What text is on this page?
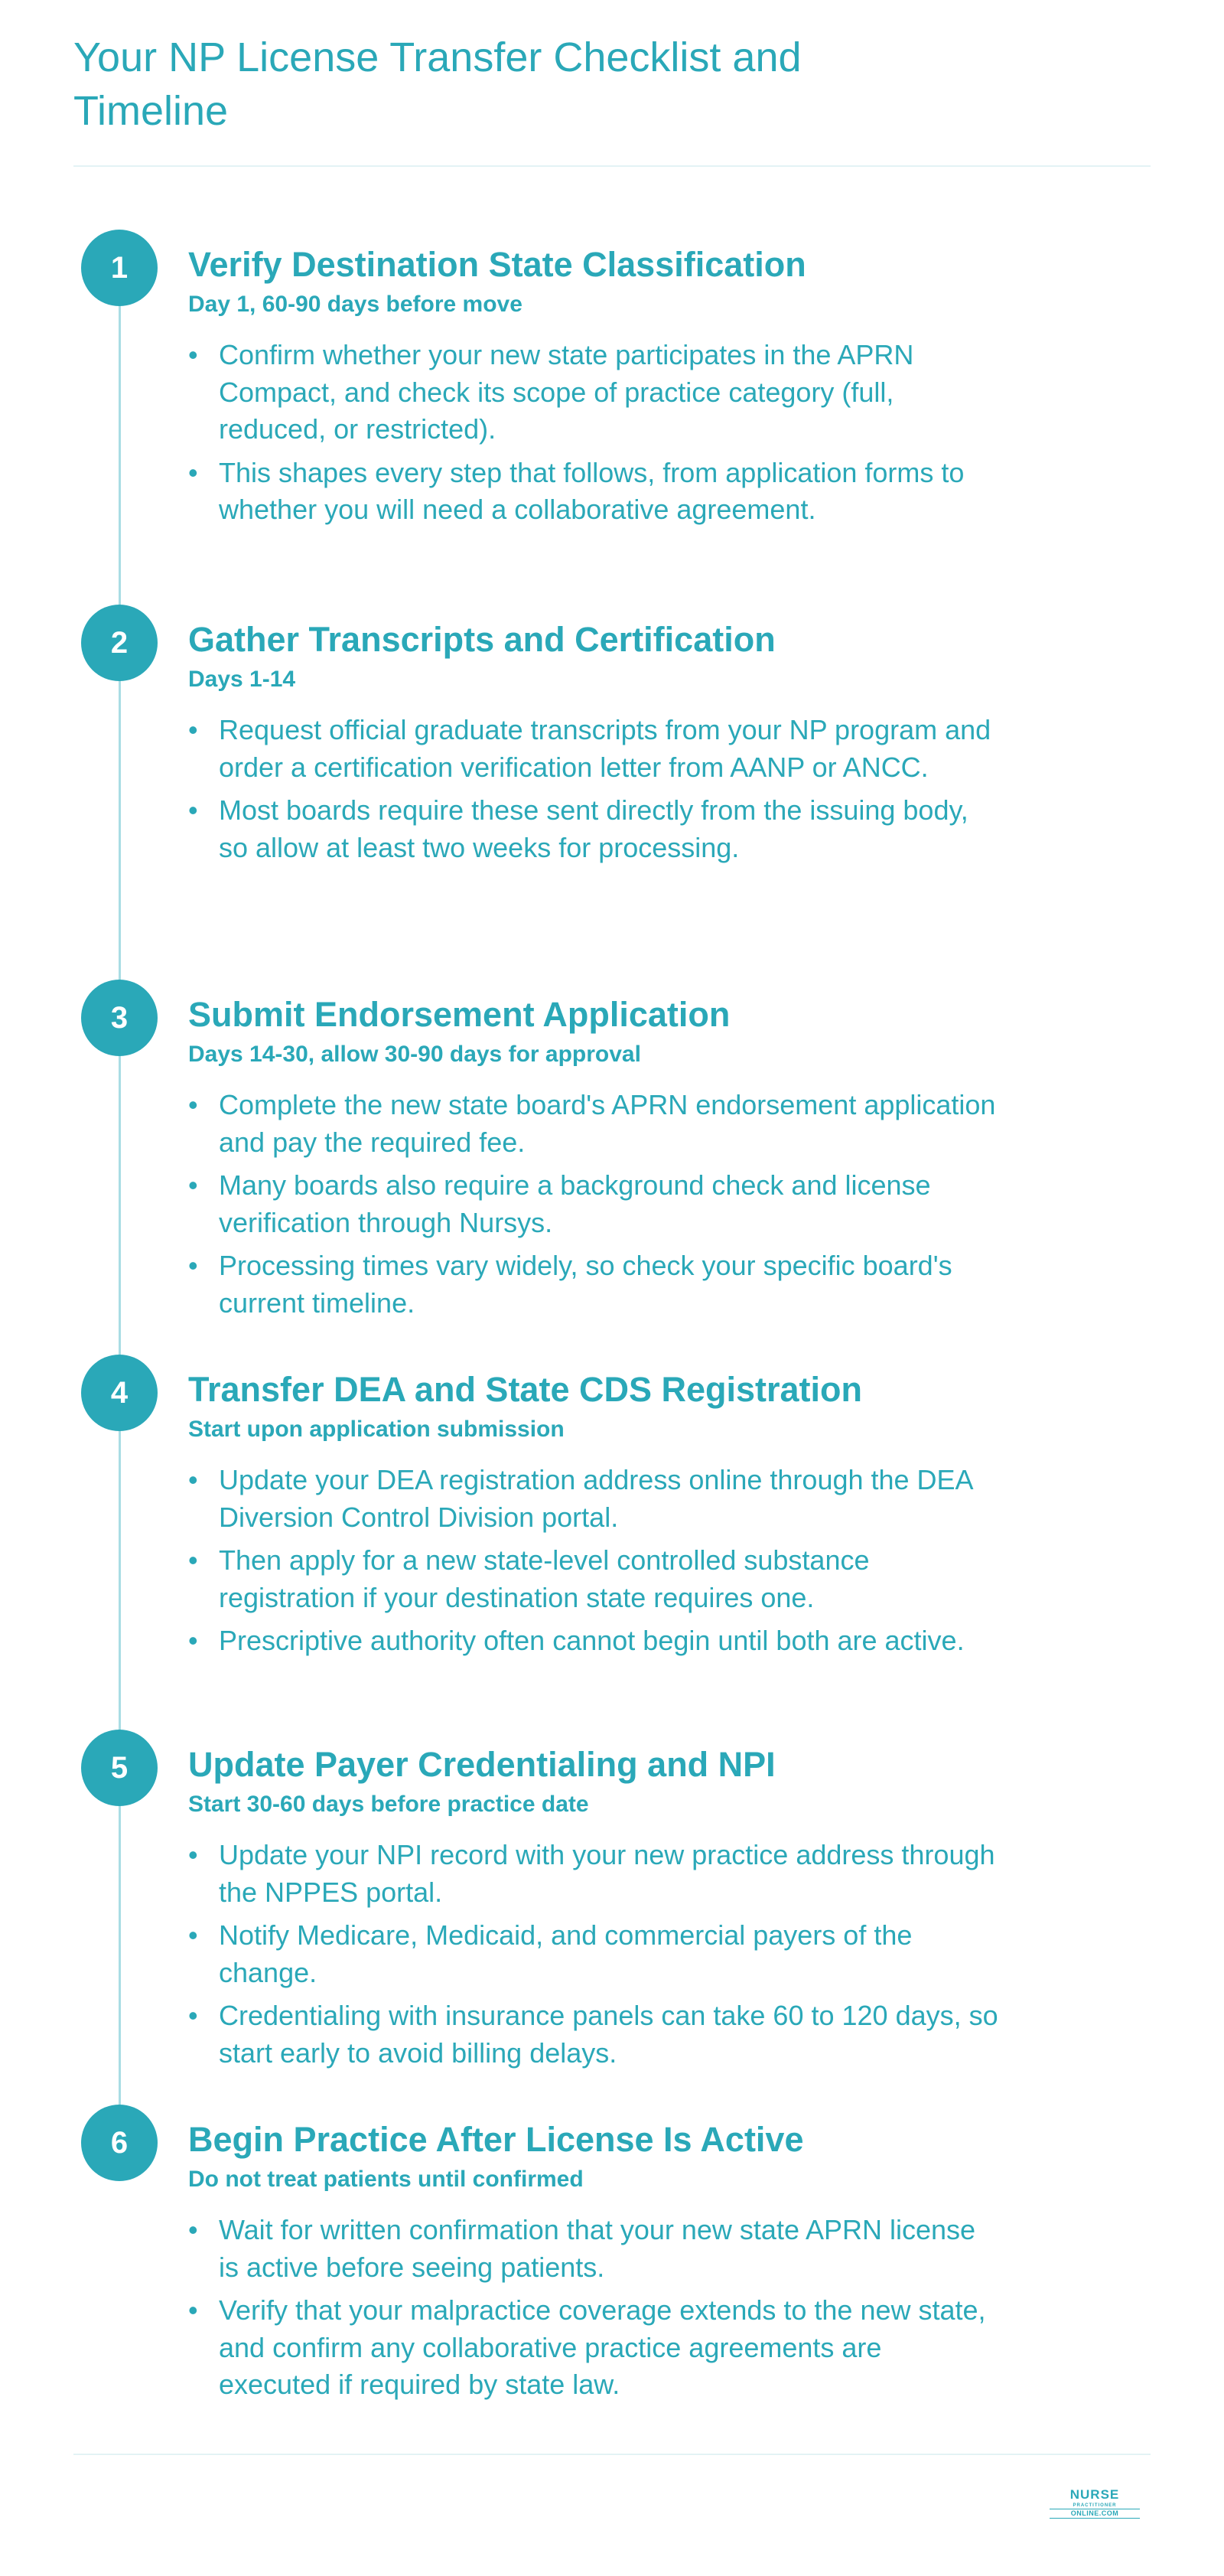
Your NP License Transfer Checklist and Timeline
1	Verify Destination State Classification
Day 1, 60-90 days before move
• Confirm whether your new state participates in the APRN Compact, and check its scope of practice category (full, reduced, or restricted).
• This shapes every step that follows, from application forms to whether you will need a collaborative agreement.
2	Gather Transcripts and Certification
Days 1-14
• Request official graduate transcripts from your NP program and order a certification verification letter from AANP or ANCC.
• Most boards require these sent directly from the issuing body, so allow at least two weeks for processing.
3	Submit Endorsement Application
Days 14-30, allow 30-90 days for approval
• Complete the new state board's APRN endorsement application and pay the required fee.
• Many boards also require a background check and license verification through Nursys.
• Processing times vary widely, so check your specific board's current timeline.
4	Transfer DEA and State CDS Registration
Start upon application submission
• Update your DEA registration address online through the DEA Diversion Control Division portal.
• Then apply for a new state-level controlled substance registration if your destination state requires one.
• Prescriptive authority often cannot begin until both are active.
5	Update Payer Credentialing and NPI
Start 30-60 days before practice date
• Update your NPI record with your new practice address through the NPPES portal.
• Notify Medicare, Medicaid, and commercial payers of the change.
• Credentialing with insurance panels can take 60 to 120 days, so start early to avoid billing delays.
6	Begin Practice After License Is Active
Do not treat patients until confirmed
• Wait for written confirmation that your new state APRN license is active before seeing patients.
• Verify that your malpractice coverage extends to the new state, and confirm any collaborative practice agreements are executed if required by state law.
NURSE
PRACTITIONER
ONLINE.COM
